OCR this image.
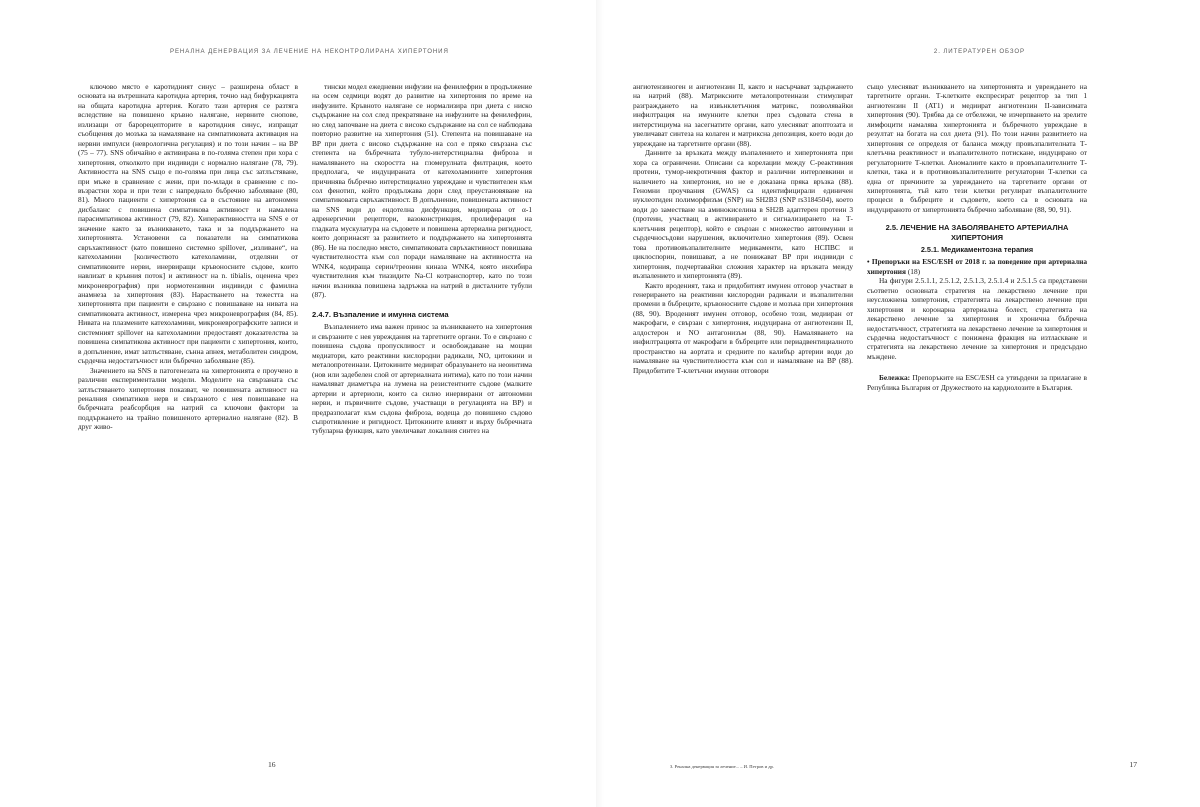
РЕНАЛНА ДЕНЕРВАЦИЯ ЗА ЛЕЧЕНИЕ НА НЕКОНТРОЛИРАНА ХИПЕРТОНИЯ

ключово място е каротидният синус – разширена област в основата на вътрешната каротидна артерия, точно над бифуркацията на общата каротидна артерия. Когато тази артерия се разтяга вследствие на повишено кръвно налягане, нервните снопове, излизащи от барорецепторите в каротидния синус, изпращат съобщения до мозъка за намаляване на симпатиковата активация на нервни импулси (неврологична регулация) и по този начин – на BP (75 – 77). SNS обичайно е активирана в по-голяма степен при хора с хипертония, отколкото при индивиди с нормално налягане (78, 79). Активността на SNS също е по-голяма при лица със затлъстяване, при мъже в сравнение с жени, при по-млади в сравнение с по-възрастни хора и при тези с напреднало бъбречно заболяване (80, 81). Много пациенти с хипертония са в състояние на автономен дисбаланс с повишена симпатикова активност и намалена парасимпатикова активност (79, 82). Хиперактивността на SNS е от значение както за възникването, така и за поддържането на хипертонията. Установени са показатели на симпатикова свръхактивност (като повишено системно spillover, „изливане“, на катехоламини [количеството катехоламини, отделяни от симпатиковите нерви, инервиращи кръвоносните съдове, които навлизат в кръвния поток] и активност на n. tibialis, оценена чрез микроневрография) при нормотензивни индивиди с фамилна анамнеза за хипертония (83). Нарастването на тежестта на хипертонията при пациенти е свързано с повишаване на нивата на симпатиковата активност, измерена чрез микроневрография (84, 85). Нивата на плазмените катехоламини, микроневрографските записи и системният spillover на катехоламини предоставят доказателства за повишена симпатикова активност при пациенти с хипертония, които, в допълнение, имат затлъстяване, сънна апнея, метаболитен синдром, сърдечна недостатъчност или бъбречно заболяване (85).

Значението на SNS в патогенезата на хипертонията е проучено в различни експериментални модели. Моделите на свързаната със затлъстяването хипертония показват, че повишената активност на реналния симпатиков нерв и свързаното с нея повишаване на бъбречната реабсорбция на натрий са ключови фактори за поддържането на трайно повишеното артериално налягане (82). В друг живо-

тински модел ежедневни инфузии на фенилефрин в продължение на осем седмици водят до развитие на хипертония по време на инфузиите. Кръвното налягане се нормализира при диета с ниско съдържание на сол след прекратяване на инфузиите на фенилефрин, но след започване на диета с високо съдържание на сол се наблюдава повторно развитие на хипертония (51). Степента на повишаване на BP при диета с високо съдържание на сол е пряко свързана със степента на бъбречната тубуло-интерстициална фиброза и намаляването на скоростта на гломерулната филтрация, което предполага, че индуцираната от катехоламините хипертония причинява бъбречно интерстициално увреждане и чувствителен към сол фенотип, който продължава дори след преустановяване на симпатиковата свръхактивност. В допълнение, повишената активност на SNS води до ендотелна дисфункция, медиирана от α-1 адренергични рецептори, вазоконстрикция, пролиферация на гладката мускулатура на съдовете и повишена артериална ригидност, които допринасят за развитието и поддържането на хипертонията (86). Не на последно място, симпатиковата свръхактивност повишава чувствителността към сол поради намаляване на активността на WNK4, кодираща серин/треонин киназа WNK4, която инхибира чувствителния към тиазидите Na-Cl котранспортер, като по този начин възниква повишена задръжка на натрий в дисталните тубули (87).

2.4.7. Възпаление и имунна система

Възпалението има важен принос за възникването на хипертония и свързаните с нея увреждания на таргетните органи. То е свързано с повишена съдова пропускливост и освобождаване на мощни медиатори, като реактивни кислородни радикали, NO, цитокини и металопротеинази. Цитокините медиират образуването на неоинтима (нов или задебелен слой от артериалната интима), като по този начин намаляват диаметъра на лумена на резистентните съдове (малките артерии и артериоли, които са силно инервирани от автономни нерви, и първичните съдове, участващи в регулацията на BP) и предразполагат към съдова фиброза, водеща до повишено съдово съпротивление и ригидност. Цитокините влияят и върху бъбречната тубуларна функция, като увеличават локалния синтез на

16
2. ЛИТЕРАТУРЕН ОБЗОР

ангиотензиноген и ангиотензин II, както и насърчават задържането на натрий (88). Матриксните металопротеинази стимулират разграждането на извънклетъчния матрикс, позволявайки инфилтрация на имунните клетки през съдовата стена в интерстициума на засегнатите органи, като улесняват апоптозата и увеличават синтеза на колаген и матриксна депозиция, което води до увреждане на таргетните органи (88).

Данните за връзката между възпалението и хипертонията при хора са ограничени. Описани са корелации между С-реактивния протеин, тумор-некротичния фактор и различни интерлевкини и наличието на хипертония, но не е доказана пряка връзка (88). Геномни проучвания (GWAS) са идентифицирали единичен нуклеотиден полиморфизъм (SNP) на SH2B3 (SNP rs3184504), което води до заместване на аминокиселина в SH2B адаптерен протеин 3 (протеин, участващ в активирането и сигнализирането на Т-клетъчния рецептор), който е свързан с множество автоимунни и сърдечносъдови нарушения, включително хипертония (89). Освен това противовъзпалителните медикаменти, като НСПВС и циклоспорин, повишават, а не понижават BP при индивиди с хипертония, подчертавайки сложния характер на връзката между възпалението и хипертонията (89).

Както вроденият, така и придобитият имунен отговор участват в генерирането на реактивни кислородни радикали и възпалителни промени в бъбреците, кръвоносните съдове и мозъка при хипертония (88, 90). Вроденият имунен отговор, особено този, медииран от макрофаги, е свързан с хипертония, индуцирана от ангиотензин II, алдостерон и NO антагонизъм (88, 90). Намаляването на инфилтрацията от макрофаги в бъбреците или периадвентициалното пространство на аортата и средните по калибър артерии води до намаляване на чувствителността към сол и намаляване на BP (88). Придобитите Т-клетъчни имунни отговори

също улесняват възникването на хипертонията и увреждането на таргетните органи. Т-клетките експресират рецептор за тип 1 ангиотензин II (AT1) и медиират ангиотензин II-зависимата хипертония (90). Трябва да се отбележи, че изчерпването на зрелите лимфоцити намалява хипертонията и бъбречното увреждане в резултат на богата на сол диета (91). По този начин развитието на хипертония се определя от баланса между провъзпалителната Т-клетъчна реактивност и възпалителното потискане, индуцирано от регулаторните Т-клетки. Аномалиите както в провъзпалителните Т-клетки, така и в противовъзпалителните регулаторни Т-клетки са една от причините за увреждането на таргетните органи от хипертонията, тъй като тези клетки регулират възпалителните процеси в бъбреците и съдовете, което са в основата на индуцираното от хипертонията бъбречно заболяване (88, 90, 91).

2.5. ЛЕЧЕНИЕ НА ЗАБОЛЯВАНЕТО АРТЕРИАЛНА ХИПЕРТОНИЯ
2.5.1. Медикаментозна терапия

• Препоръки на ESC/ESH от 2018 г. за поведение при артериална хипертония (18)

На фигури 2.5.1.1, 2.5.1.2, 2.5.1.3, 2.5.1.4 и 2.5.1.5 са представени съответно основната стратегия на лекарствено лечение при неусложнена хипертония, стратегията на лекарствено лечение при хипертония и коронарна артериална болест, стратегията на лекарствено лечение за хипертония и хронична бъбречна недостатъчност, стратегията на лекарствено лечение за хипертония и сърдечна недостатъчност с понижена фракция на изтласкване и стратегията на лекарствено лечение за хипертония и предсърдно мъждене.

Бележка: Препоръките на ESC/ESH са утвърдени за прилагане в Република България от Дружеството на кардиолозите в България.

3. Ренална денервация за лечение... – И. Петров и др.	17
